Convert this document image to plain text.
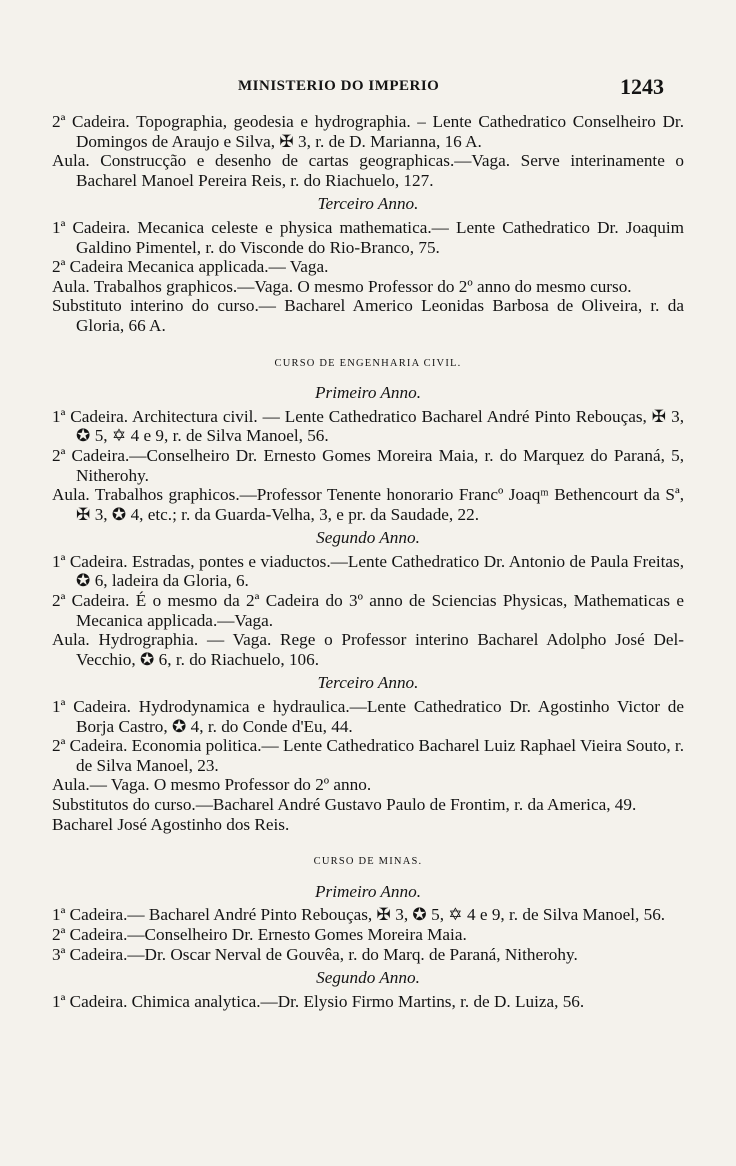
MINISTERIO DO IMPERIO	1243

2ª Cadeira. Topographia, geodesia e hydrographia. – Lente Cathedratico Conselheiro Dr. Domingos de Araujo e Silva, ✠ 3, r. de D. Marianna, 16 A.

Aula. Construcção e desenho de cartas geographicas.—Vaga. Serve interinamente o Bacharel Manoel Pereira Reis, r. do Riachuelo, 127.

Terceiro Anno.

1ª Cadeira. Mecanica celeste e physica mathematica.— Lente Cathedratico Dr. Joaquim Galdino Pimentel, r. do Visconde do Rio-Branco, 75.

2ª Cadeira Mecanica applicada.— Vaga.

Aula. Trabalhos graphicos.—Vaga. O mesmo Professor do 2º anno do mesmo curso.

Substituto interino do curso.— Bacharel Americo Leonidas Barbosa de Oliveira, r. da Gloria, 66 A.

CURSO DE ENGENHARIA CIVIL.

Primeiro Anno.

1ª Cadeira. Architectura civil. — Lente Cathedratico Bacharel André Pinto Rebouças, ✠ 3, ✪ 5, ✡ 4 e 9, r. de Silva Manoel, 56.

2ª Cadeira.—Conselheiro Dr. Ernesto Gomes Moreira Maia, r. do Marquez do Paraná, 5, Nitherohy.

Aula. Trabalhos graphicos.—Professor Tenente honorario Francº Joaqᵐ Bethencourt da Sª, ✠ 3, ✪ 4, etc.; r. da Guarda-Velha, 3, e pr. da Saudade, 22.

Segundo Anno.

1ª Cadeira. Estradas, pontes e viaductos.—Lente Cathedratico Dr. Antonio de Paula Freitas, ✪ 6, ladeira da Gloria, 6.

2ª Cadeira. É o mesmo da 2ª Cadeira do 3º anno de Sciencias Physicas, Mathematicas e Mecanica applicada.—Vaga.

Aula. Hydrographia. — Vaga. Rege o Professor interino Bacharel Adolpho José Del-Vecchio, ✪ 6, r. do Riachuelo, 106.

Terceiro Anno.

1ª Cadeira. Hydrodynamica e hydraulica.—Lente Cathedratico Dr. Agostinho Victor de Borja Castro, ✪ 4, r. do Conde d'Eu, 44.

2ª Cadeira. Economia politica.— Lente Cathedratico Bacharel Luiz Raphael Vieira Souto, r. de Silva Manoel, 23.

Aula.— Vaga. O mesmo Professor do 2º anno.

Substitutos do curso.—Bacharel André Gustavo Paulo de Frontim, r. da America, 49.

Bacharel José Agostinho dos Reis.

CURSO DE MINAS.

Primeiro Anno.

1ª Cadeira.— Bacharel André Pinto Rebouças, ✠ 3, ✪ 5, ✡ 4 e 9, r. de Silva Manoel, 56.

2ª Cadeira.—Conselheiro Dr. Ernesto Gomes Moreira Maia.

3ª Cadeira.—Dr. Oscar Nerval de Gouvêa, r. do Marq. de Paraná, Nitherohy.

Segundo Anno.

1ª Cadeira. Chimica analytica.—Dr. Elysio Firmo Martins, r. de D. Luiza, 56.
